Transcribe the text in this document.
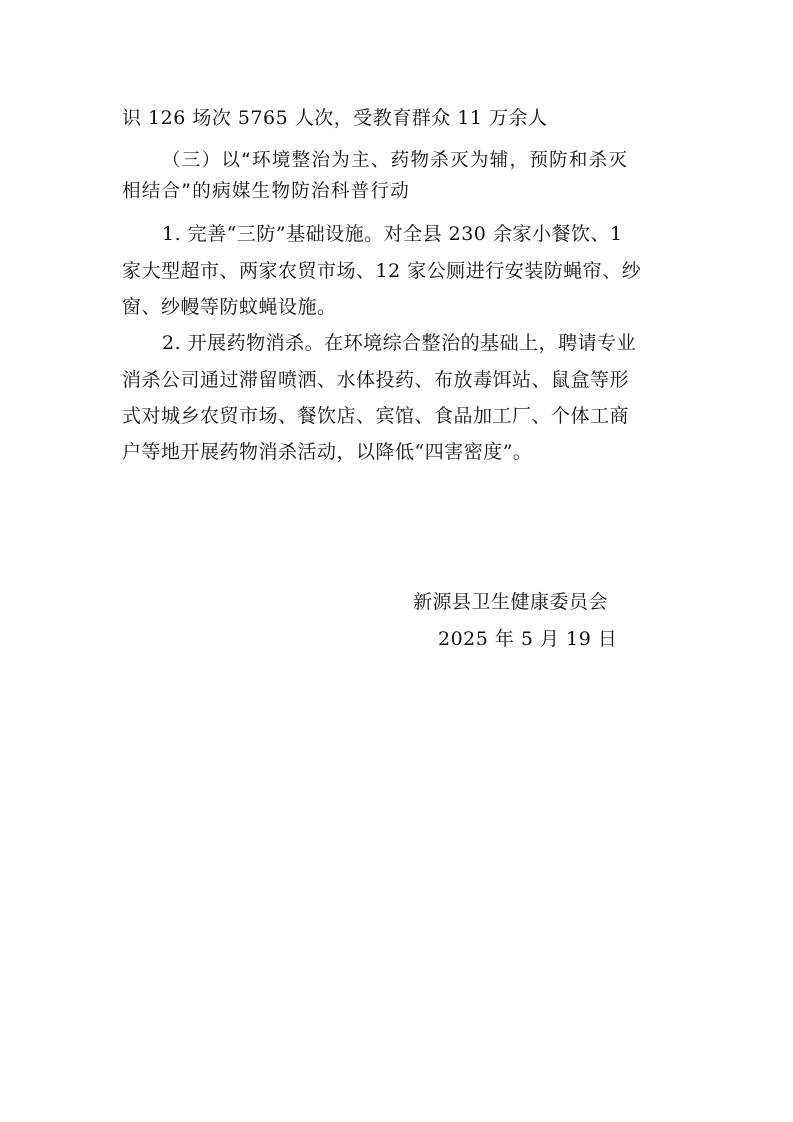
识 126 场次 5765 人次，受教育群众 11 万余人
（三）以“环境整治为主、药物杀灭为辅，预防和杀灭
相结合”的病媒生物防治科普行动
1. 完善“三防”基础设施。对全县 230 余家小餐饮、1
家大型超市、两家农贸市场、12 家公厕进行安装防蝇帘、纱
窗、纱幔等防蚊蝇设施。
2. 开展药物消杀。在环境综合整治的基础上，聘请专业
消杀公司通过滞留喷洒、水体投药、布放毒饵站、鼠盒等形
式对城乡农贸市场、餐饮店、宾馆、食品加工厂、个体工商
户等地开展药物消杀活动，以降低“四害密度”。
新源县卫生健康委员会
2025 年 5 月 19 日
